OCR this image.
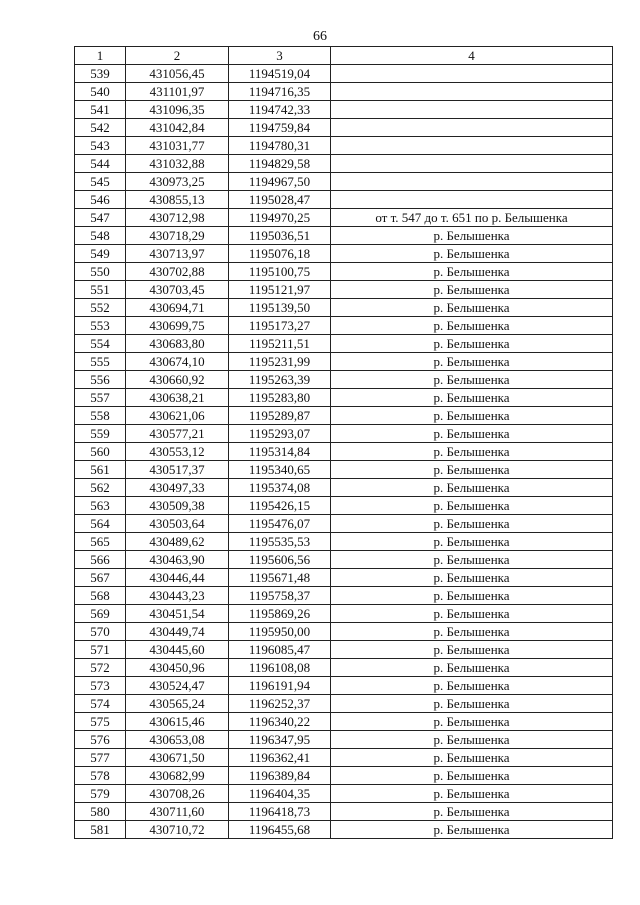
66
1	2	3	4
539	431056,45	1194519,04	
540	431101,97	1194716,35	
541	431096,35	1194742,33	
542	431042,84	1194759,84	
543	431031,77	1194780,31	
544	431032,88	1194829,58	
545	430973,25	1194967,50	
546	430855,13	1195028,47	
547	430712,98	1194970,25	от т. 547 до т. 651 по р. Белышенка
548	430718,29	1195036,51	р. Белышенка
549	430713,97	1195076,18	р. Белышенка
550	430702,88	1195100,75	р. Белышенка
551	430703,45	1195121,97	р. Белышенка
552	430694,71	1195139,50	р. Белышенка
553	430699,75	1195173,27	р. Белышенка
554	430683,80	1195211,51	р. Белышенка
555	430674,10	1195231,99	р. Белышенка
556	430660,92	1195263,39	р. Белышенка
557	430638,21	1195283,80	р. Белышенка
558	430621,06	1195289,87	р. Белышенка
559	430577,21	1195293,07	р. Белышенка
560	430553,12	1195314,84	р. Белышенка
561	430517,37	1195340,65	р. Белышенка
562	430497,33	1195374,08	р. Белышенка
563	430509,38	1195426,15	р. Белышенка
564	430503,64	1195476,07	р. Белышенка
565	430489,62	1195535,53	р. Белышенка
566	430463,90	1195606,56	р. Белышенка
567	430446,44	1195671,48	р. Белышенка
568	430443,23	1195758,37	р. Белышенка
569	430451,54	1195869,26	р. Белышенка
570	430449,74	1195950,00	р. Белышенка
571	430445,60	1196085,47	р. Белышенка
572	430450,96	1196108,08	р. Белышенка
573	430524,47	1196191,94	р. Белышенка
574	430565,24	1196252,37	р. Белышенка
575	430615,46	1196340,22	р. Белышенка
576	430653,08	1196347,95	р. Белышенка
577	430671,50	1196362,41	р. Белышенка
578	430682,99	1196389,84	р. Белышенка
579	430708,26	1196404,35	р. Белышенка
580	430711,60	1196418,73	р. Белышенка
581	430710,72	1196455,68	р. Белышенка
